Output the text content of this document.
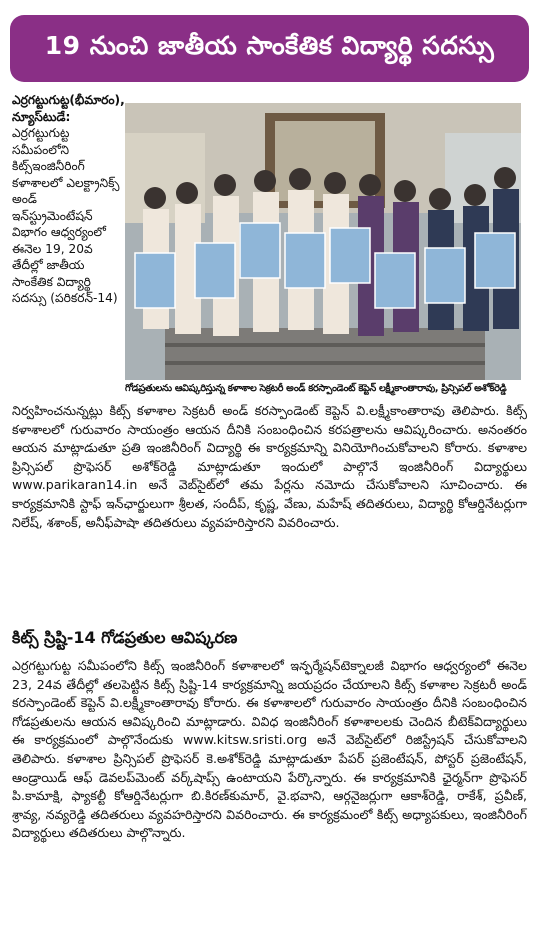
19 నుంచి జాతీయ సాంకేతిక విద్యార్థి సదస్సు
ఎర్రగట్టుగుట్ట(భీమారం), న్యూస్‌టుడే:
ఎర్రగట్టుగుట్ట సమీపంలోని కిట్స్‌ఇంజినీరింగ్ కళాశాలలో ఎలక్ట్రానిక్స్ అండ్ ఇన్‌స్ట్రుమెంటేషన్ విభాగం ఆధ్వర్యంలో ఈనెల 19, 20వ తేదీల్లో జాతీయ సాంకేతిక విద్యార్థి సదస్సు (పరికరన్-14)
గోడప్రతులను ఆవిష్కరిస్తున్న కళాశాల సెక్రటరీ అండ్ కరస్పాండెంట్ కెప్టెన్ లక్ష్మీకాంతారావు, ప్రిన్సిపల్ అశోక్‌రెడ్డి

నిర్వహించనున్నట్లు కిట్స్ కళాశాల సెక్రటరీ అండ్ కరస్పాండెంట్ కెప్టెన్ వి.లక్ష్మీకాంతారావు తెలిపారు. కిట్స్ కళాశాలలో గురువారం సాయంత్రం ఆయన దీనికి సంబంధించిన కరపత్రాలను ఆవిష్కరించారు. అనంతరం ఆయన మాట్లాడుతూ ప్రతి ఇంజినీరింగ్ విద్యార్థి ఈ కార్యక్రమాన్ని వినియోగించుకోవాలని కోరారు. కళాశాల ప్రిన్సిపల్ ప్రొఫెసర్ అశోక్‌రెడ్డి మాట్లాడుతూ ఇందులో పాల్గొనే ఇంజినీరింగ్ విద్యార్థులు www.parikaran14.in అనే వెబ్‌సైట్‌లో తమ పేర్లను నమోదు చేసుకోవాలని సూచించారు. ఈ కార్యక్రమానికి స్టాఫ్ ఇన్‌ఛార్జులుగా శ్రీలత, సందీప్, కృష్ణ, వేణు, మహేష్ తదితరులు, విద్యార్థి కోఆర్డినేటర్లుగా నిలేష్, శశాంక్, అనీఫ్‌పాషా తదితరులు వ్యవహరిస్తారని వివరించారు.

కిట్స్ స్రిష్టి-14 గోడప్రతుల ఆవిష్కరణ

ఎర్రగట్టుగుట్ట సమీపంలోని కిట్స్ ఇంజినీరింగ్ కళాశాలలో ఇన్ఫర్మేషన్‌టెక్నాలజీ విభాగం ఆధ్వర్యంలో ఈనెల 23, 24వ తేదీల్లో తలపెట్టిన కిట్స్ స్రిష్టి-14 కార్యక్రమాన్ని జయప్రదం చేయాలని కిట్స్ కళాశాల సెక్రటరీ అండ్ కరస్పాండెంట్ కెప్టెన్ వి.లక్ష్మీకాంతారావు కోరారు. ఈ కళాశాలలో గురువారం సాయంత్రం దీనికి సంబంధించిన గోడప్రతులను ఆయన ఆవిష్కరించి మాట్లాడారు. వివిధ ఇంజినీరింగ్ కళాశాలలకు చెందిన బీటెక్‌విద్యార్థులు ఈ కార్యక్రమంలో పాల్గొనేందుకు www.kitsw.sristi.org అనే వెబ్‌సైట్‌లో రిజిస్ట్రేషన్ చేసుకోవాలని తెలిపారు. కళాశాల ప్రిన్సిపల్ ప్రొఫెసర్ కె.అశోక్‌రెడ్డి మాట్లాడుతూ పేపర్ ప్రజెంటేషన్, పోస్టర్ ప్రజెంటేషన్, ఆండ్రాయిడ్ ఆఫ్ డెవలప్‌మెంట్ వర్క్‌షాప్స్ ఉంటాయని పేర్కొన్నారు. ఈ కార్యక్రమానికి ఛైర్మన్‌గా ప్రొఫెసర్ పి.కామాక్షి, ఫ్యాకల్టీ కోఆర్డినేటర్లుగా బి.కిరణ్‌కుమార్, వై.భవాని, ఆర్గనైజర్లుగా ఆకాశ్‌రెడ్డి, రాకేశ్, ప్రవీణ్, శ్రావ్య, నవ్యరెడ్డి తదితరులు వ్యవహరిస్తారని వివరించారు. ఈ కార్యక్రమంలో కిట్స్ అధ్యాపకులు, ఇంజినీరింగ్ విద్యార్థులు తదితరులు పాల్గొన్నారు.
